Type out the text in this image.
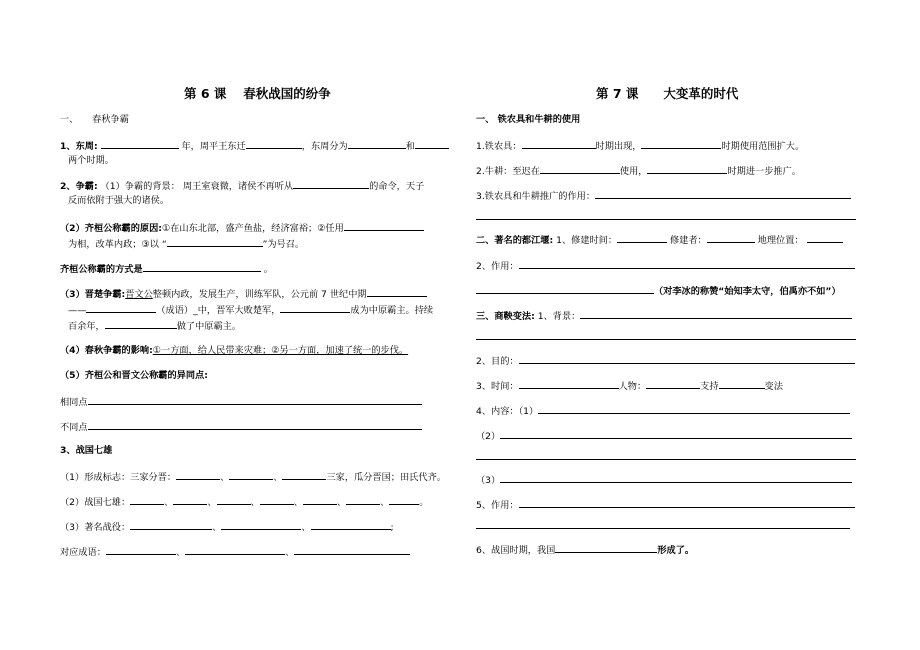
第 6 课　 春秋战国的纷争
一、　　春秋争霸
1、东周:	年，周平王东迁	，东周分为	和
两个时期。
2、争霸: （1）争霸的背景： 周王室衰微，诸侯不再听从	的命令，天子
反而依附于强大的诸侯。
（2）齐桓公称霸的原因:①在山东北部，盛产鱼盐，经济富裕；②任用
为相，改革内政；③以 “	”为号召。
齐桓公称霸的方式是	。
（3）晋楚争霸:晋文公整顿内政，发展生产，训练军队，公元前 7 世纪中期
——	（成语）_中，晋军大败楚军，	成为中原霸主。持续
百余年，	做了中原霸主。
（4）春秋争霸的影响:①一方面，给人民带来灾难；②另一方面，加速了统一的步伐。
（5）齐桓公和晋文公称霸的异同点:
相同点
不同点
3、战国七雄
（1）形成标志：三家分晋：	、	、	三家，瓜分晋国；田氏代齐。
（2）战国七雄：	、	、	、	、	、	、	。
（3）著名战役：	、	、	;
对应成语：	、	、
第 7 课　　大变革的时代
一、 铁农具和牛耕的使用
1.铁农具：	时期出现，	时期使用范围扩大。
2.牛耕：至迟在	使用，	时期进一步推广。
3.铁农具和牛耕推广的作用：
二、著名的都江堰: 1、修建时间：	修建者：	地理位置：
2、作用：
（对李冰的称赞“始知李太守，伯禹亦不如”）
三、商鞅变法: 1、背景：
2、目的：
3、时间：	人物：	支持	变法
4、内容：（1）
（2）
（3）
5、作用：
6、战国时期，我国	形成了。
